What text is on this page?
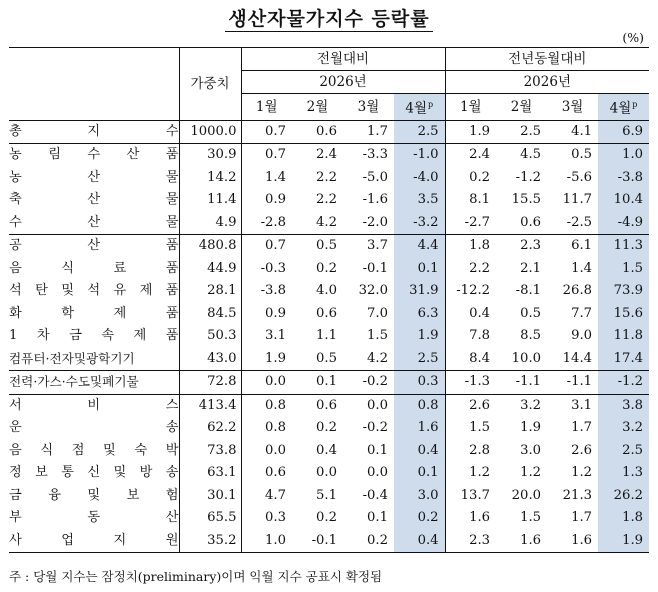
생산자물가지수 등락률
(%)
	가중치	전월대비				전년동월대비			
		2026년				2026년			
		1월	2월	3월	4월$^p$	1월	2월	3월	4월$^p$
총 지 수	1000.0	0.7	0.6	1.7	2.5	1.9	2.5	4.1	6.9
농 림 수 산 품	30.9	0.7	2.4	-3.3	-1.0	2.4	4.5	0.5	1.0
농 산 물	14.2	1.4	2.2	-5.0	-4.0	0.2	-1.2	-5.6	-3.8
축 산 물	11.4	0.9	2.2	-1.6	3.5	8.1	15.5	11.7	10.4
수 산 물	4.9	-2.8	4.2	-2.0	-3.2	-2.7	0.6	-2.5	-4.9
공 산 품	480.8	0.7	0.5	3.7	4.4	1.8	2.3	6.1	11.3
음 식 료 품	44.9	-0.3	0.2	-0.1	0.1	2.2	2.1	1.4	1.5
석 탄 및 석 유 제 품	28.1	-3.8	4.0	32.0	31.9	-12.2	-8.1	26.8	73.9
화 학 제 품	84.5	0.9	0.6	7.0	6.3	0.4	0.5	7.7	15.6
1 차 금 속 제 품	50.3	3.1	1.1	1.5	1.9	7.8	8.5	9.0	11.8
컴퓨터·전자및광학기기	43.0	1.9	0.5	4.2	2.5	8.4	10.0	14.4	17.4
전력·가스·수도및폐기물	72.8	0.0	0.1	-0.2	0.3	-1.3	-1.1	-1.1	-1.2
서 비 스	413.4	0.8	0.6	0.0	0.8	2.6	3.2	3.1	3.8
운 송	62.2	0.8	0.2	-0.2	1.6	1.5	1.9	1.7	3.2
음 식 점 및 숙 박	73.8	0.0	0.4	0.1	0.4	2.8	3.0	2.6	2.5
정 보 통 신 및 방 송	63.1	0.6	0.0	0.0	0.1	1.2	1.2	1.2	1.3
금 융 및 보 험	30.1	4.7	5.1	-0.4	3.0	13.7	20.0	21.3	26.2
부 동 산	65.5	0.3	0.2	0.1	0.2	1.6	1.5	1.7	1.8
사 업 지 원	35.2	1.0	-0.1	0.2	0.4	2.3	1.6	1.6	1.9
주 : 당월 지수는 잠정치(preliminary)이며 익월 지수 공표시 확정됨
